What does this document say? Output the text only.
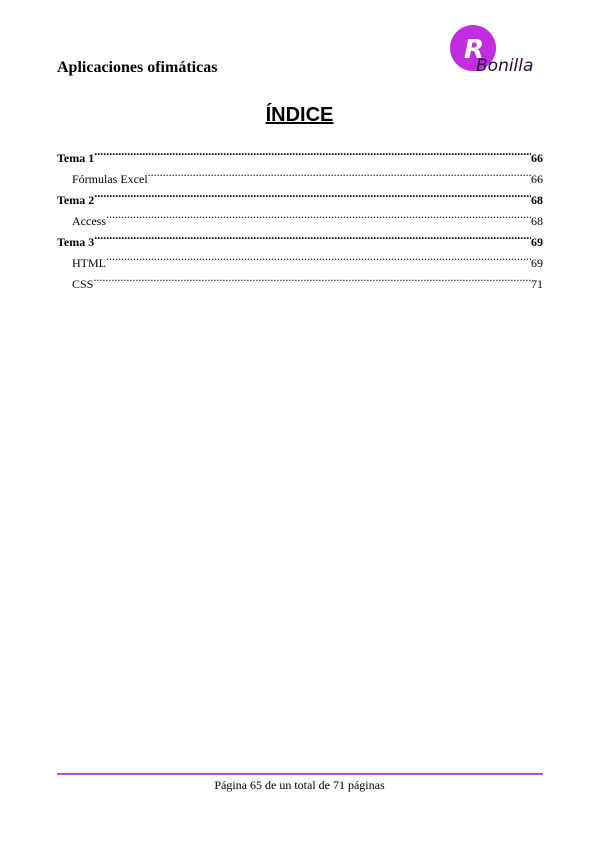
Aplicaciones ofimáticas
R
Bonilla
ÍNDICE
Tema 1 .....	66
Fórmulas Excel .....	66
Tema 2 .....	68
Access .....	68
Tema 3 .....	69
HTML .....	69
CSS .....	71
Página 65 de un total de 71 páginas
